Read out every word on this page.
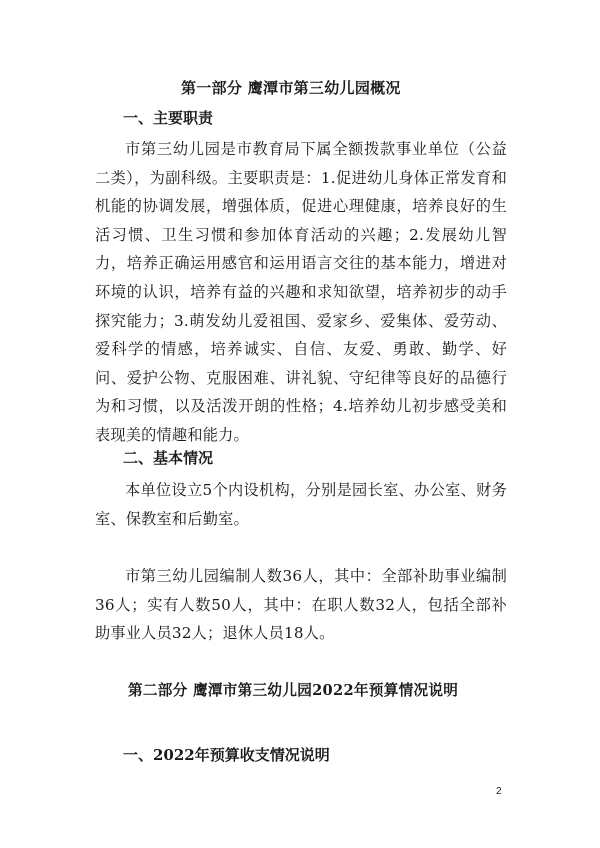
第一部分 鹰潭市第三幼儿园概况
一、主要职责
市第三幼儿园是市教育局下属全额拨款事业单位（公益二类），为副科级。主要职责是：1.促进幼儿身体正常发育和机能的协调发展，增强体质，促进心理健康，培养良好的生活习惯、卫生习惯和参加体育活动的兴趣；2.发展幼儿智力，培养正确运用感官和运用语言交往的基本能力，增进对环境的认识，培养有益的兴趣和求知欲望，培养初步的动手探究能力；3.萌发幼儿爱祖国、爱家乡、爱集体、爱劳动、爱科学的情感，培养诚实、自信、友爱、勇敢、勤学、好问、爱护公物、克服困难、讲礼貌、守纪律等良好的品德行为和习惯，以及活泼开朗的性格；4.培养幼儿初步感受美和表现美的情趣和能力。
二、基本情况
本单位设立5个内设机构，分别是园长室、办公室、财务室、保教室和后勤室。
市第三幼儿园编制人数36人，其中：全部补助事业编制36人；实有人数50人，其中：在职人数32人，包括全部补助事业人员32人；退休人员18人。
第二部分 鹰潭市第三幼儿园2022年预算情况说明
一、2022年预算收支情况说明
2
